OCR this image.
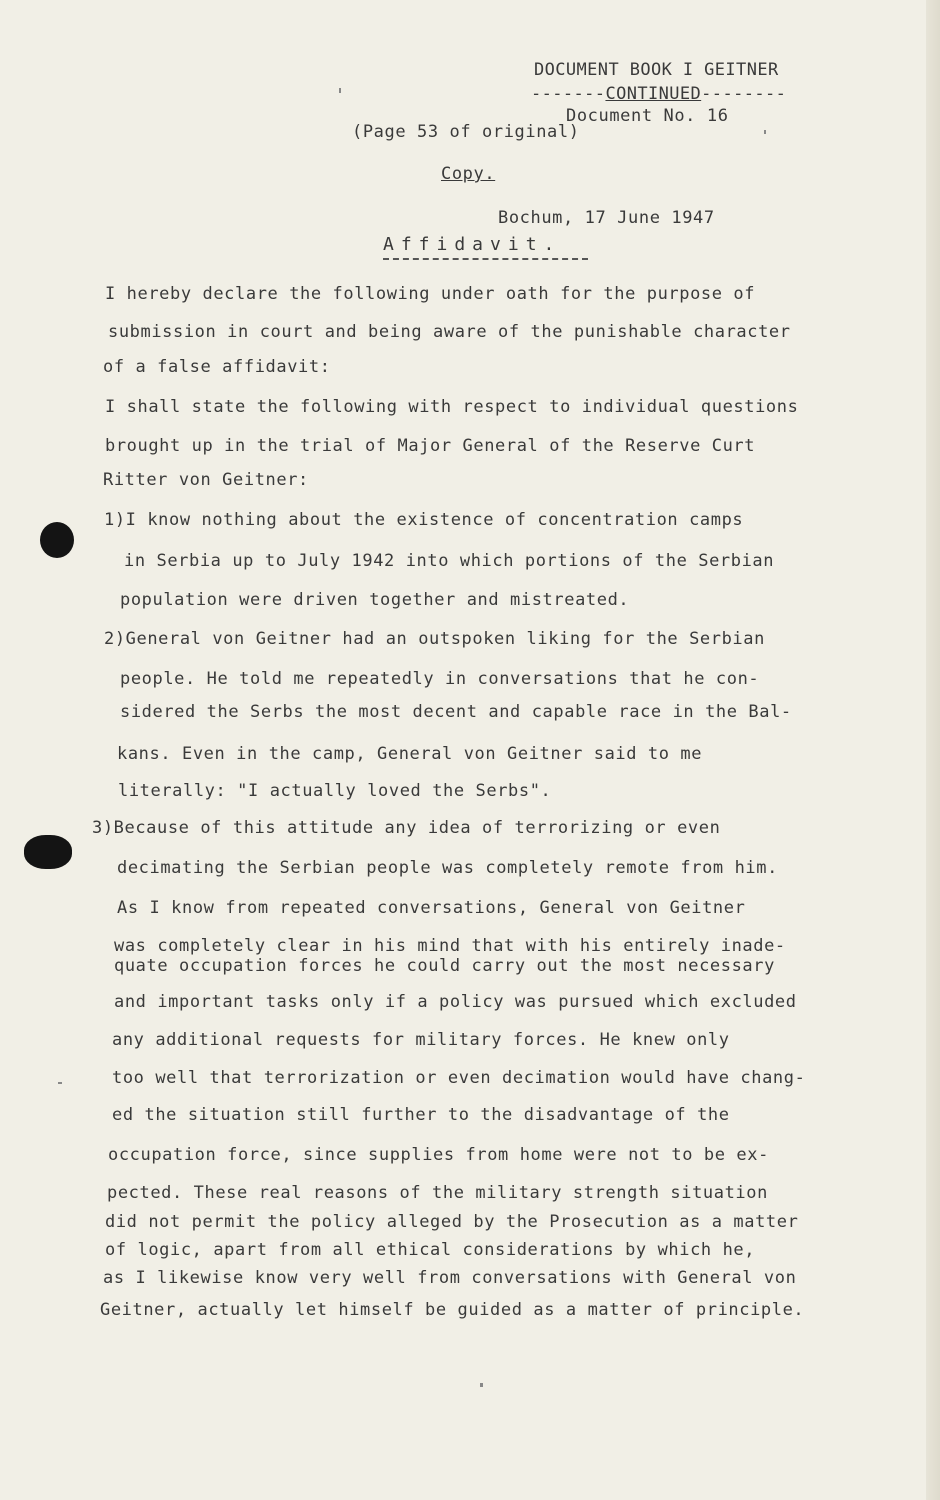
DOCUMENT BOOK I GEITNER
-------CONTINUED--------
Document No. 16
(Page 53 of original)
Copy.
Bochum, 17 June 1947
Affidavit.
I hereby declare the following under oath for the purpose of
submission in court and being aware of the punishable character
of a false affidavit:
I shall state the following with respect to individual questions
brought up in the trial of Major General of the Reserve Curt
Ritter von Geitner:
1)I know nothing about the existence of concentration camps
in Serbia up to July 1942 into which portions of the Serbian
population were driven together and mistreated.
2)General von Geitner had an outspoken liking for the Serbian
people. He told me repeatedly in conversations that he con-
sidered the Serbs the most decent and capable race in the Bal-
kans. Even in the camp, General von Geitner said to me
literally: "I actually loved the Serbs".
3)Because of this attitude any idea of terrorizing or even
decimating the Serbian people was completely remote from him.
As I know from repeated conversations, General von Geitner
was completely clear in his mind that with his entirely inade-
quate occupation forces he could carry out the most necessary
and important tasks only if a policy was pursued which excluded
any additional requests for military forces. He knew only
too well that terrorization or even decimation would have chang-
ed the situation still further to the disadvantage of the
occupation force, since supplies from home were not to be ex-
pected. These real reasons of the military strength situation
did not permit the policy alleged by the Prosecution as a matter
of logic, apart from all ethical considerations by which he,
as I likewise know very well from conversations with General von
Geitner, actually let himself be guided as a matter of principle.
